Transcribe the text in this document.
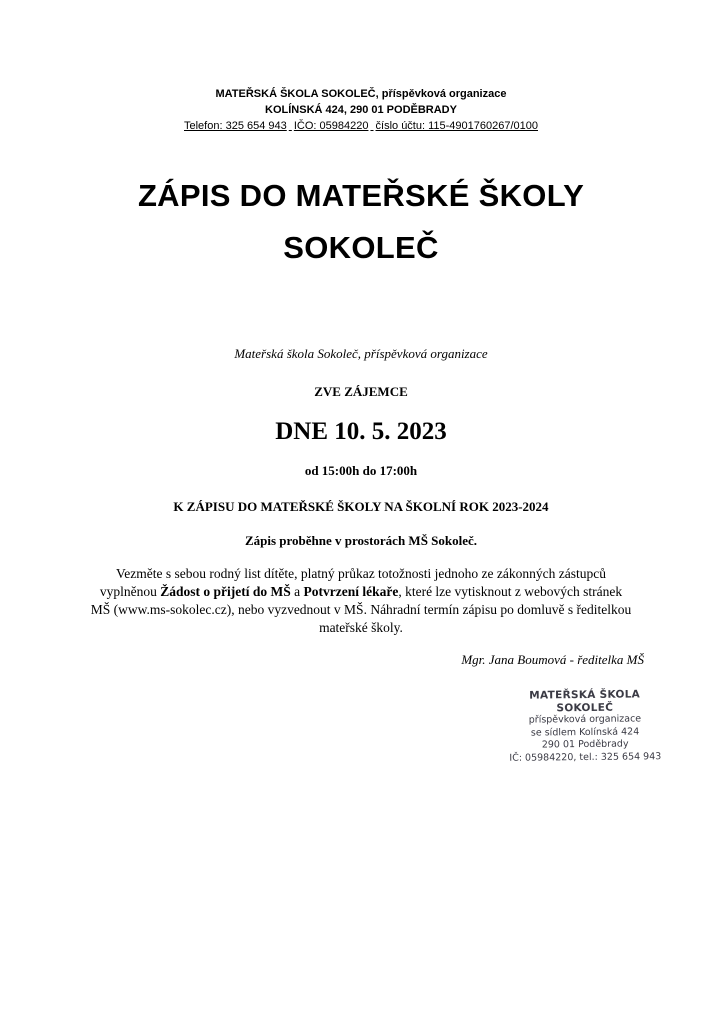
MATEŘSKÁ ŠKOLA SOKOLEČ, příspěvková organizace
KOLÍNSKÁ 424, 290 01 PODĚBRADY
Telefon: 325 654 943 IČO: 05984220 číslo účtu: 115-4901760267/0100
ZÁPIS DO MATEŘSKÉ ŠKOLY
SOKOLEČ
Mateřská škola Sokoleč, příspěvková organizace
ZVE ZÁJEMCE
DNE 10. 5. 2023
od 15:00h do 17:00h
K ZÁPISU DO MATEŘSKÉ ŠKOLY NA ŠKOLNÍ ROK 2023-2024
Zápis proběhne v prostorách MŠ Sokoleč.
Vezměte s sebou rodný list dítěte, platný průkaz totožnosti jednoho ze zákonných zástupců vyplněnou Žádost o přijetí do MŠ a Potvrzení lékaře, které lze vytisknout z webových stránek MŠ (www.ms-sokolec.cz), nebo vyzvednout v MŠ. Náhradní termín zápisu po domluvě s ředitelkou mateřské školy.
Mgr. Jana Boumová - ředitelka MŠ
MATEŘSKÁ ŠKOLA SOKOLEČ
příspěvková organizace
se sídlem Kolínská 424
290 01 Poděbrady
IČ: 05984220, tel.: 325 654 943
